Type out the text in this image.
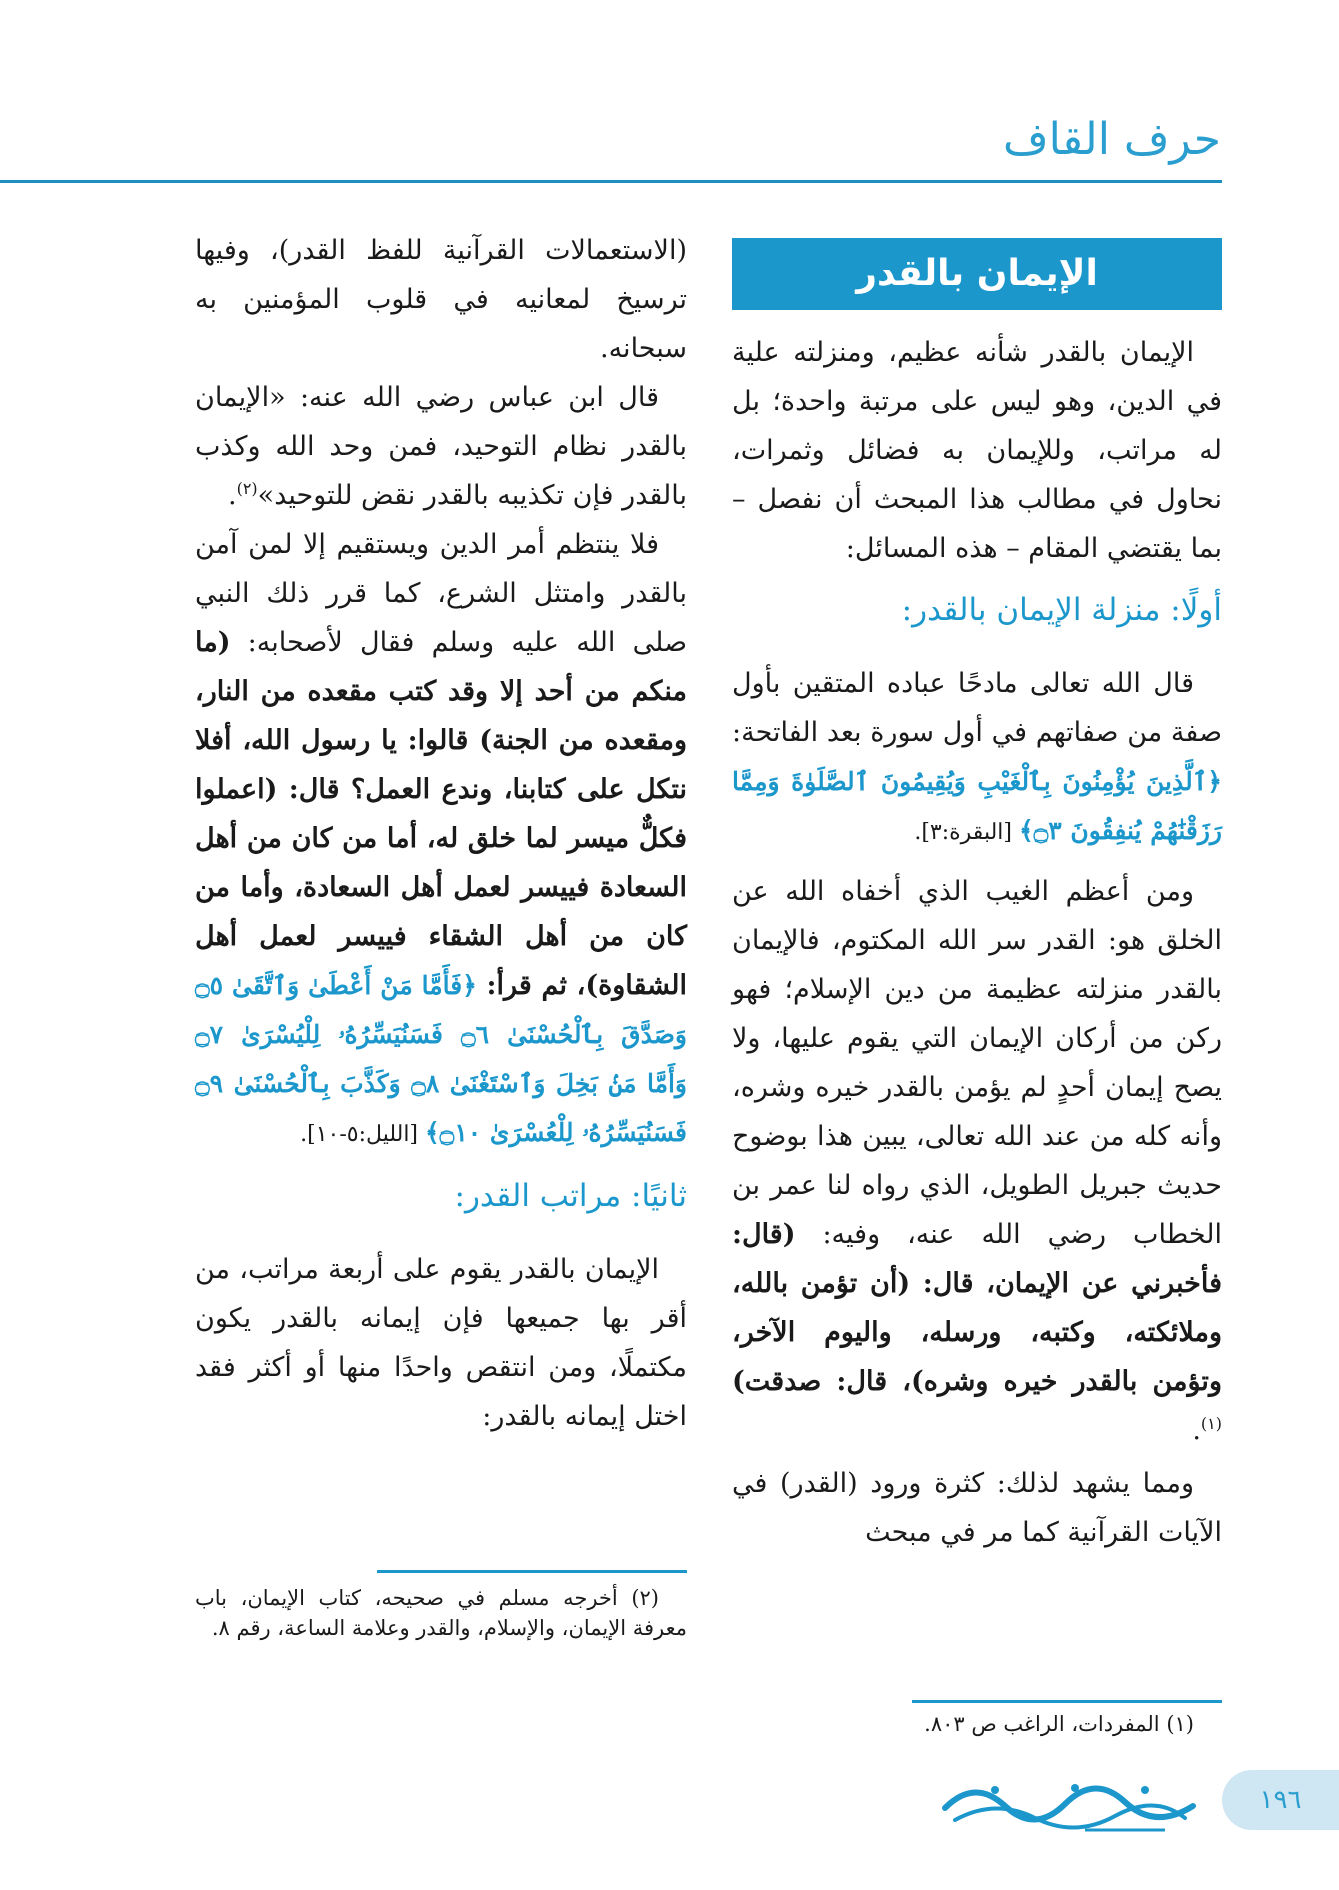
حرف القاف
الإيمان بالقدر

الإيمان بالقدر شأنه عظيم، ومنزلته علية في الدين، وهو ليس على مرتبة واحدة؛ بل له مراتب، وللإيمان به فضائل وثمرات، نحاول في مطالب هذا المبحث أن نفصل – بما يقتضي المقام – هذه المسائل:

أولًا: منزلة الإيمان بالقدر:

قال الله تعالى مادحًا عباده المتقين بأول صفة من صفاتهم في أول سورة بعد الفاتحة: ﴿ٱلَّذِينَ يُؤْمِنُونَ بِٱلْغَيْبِ وَيُقِيمُونَ ٱلصَّلَوٰةَ وَمِمَّا رَزَقْنَٰهُمْ يُنفِقُونَ ۝٣﴾ [البقرة:٣].

ومن أعظم الغيب الذي أخفاه الله عن الخلق هو: القدر سر الله المكتوم، فالإيمان بالقدر منزلته عظيمة من دين الإسلام؛ فهو ركن من أركان الإيمان التي يقوم عليها، ولا يصح إيمان أحدٍ لم يؤمن بالقدر خيره وشره، وأنه كله من عند الله تعالى، يبين هذا بوضوح حديث جبريل الطويل، الذي رواه لنا عمر بن الخطاب رضي الله عنه، وفيه: (قال: فأخبرني عن الإيمان، قال: (أن تؤمن بالله، وملائكته، وكتبه، ورسله، واليوم الآخر، وتؤمن بالقدر خيره وشره)، قال: صدقت)$^{(١)}$.

ومما يشهد لذلك: كثرة ورود (القدر) في الآيات القرآنية كما مر في مبحث

(١) المفردات، الراغب ص ٨٠٣.

(الاستعمالات القرآنية للفظ القدر)، وفيها ترسيخ لمعانيه في قلوب المؤمنين به سبحانه.

قال ابن عباس رضي الله عنه: «الإيمان بالقدر نظام التوحيد، فمن وحد الله وكذب بالقدر فإن تكذيبه بالقدر نقض للتوحيد»$^{(٢)}$.

فلا ينتظم أمر الدين ويستقيم إلا لمن آمن بالقدر وامتثل الشرع، كما قرر ذلك النبي صلى الله عليه وسلم فقال لأصحابه: (ما منكم من أحد إلا وقد كتب مقعده من النار، ومقعده من الجنة) قالوا: يا رسول الله، أفلا نتكل على كتابنا، وندع العمل؟ قال: (اعملوا فكلٌّ ميسر لما خلق له، أما من كان من أهل السعادة فييسر لعمل أهل السعادة، وأما من كان من أهل الشقاء فييسر لعمل أهل الشقاوة)، ثم قرأ: ﴿فَأَمَّا مَنْ أَعْطَىٰ وَٱتَّقَىٰ ۝٥ وَصَدَّقَ بِٱلْحُسْنَىٰ ۝٦ فَسَنُيَسِّرُهُۥ لِلْيُسْرَىٰ ۝٧ وَأَمَّا مَنۢ بَخِلَ وَٱسْتَغْنَىٰ ۝٨ وَكَذَّبَ بِٱلْحُسْنَىٰ ۝٩ فَسَنُيَسِّرُهُۥ لِلْعُسْرَىٰ ۝١٠﴾ [الليل:٥-١٠].

ثانيًا: مراتب القدر:

الإيمان بالقدر يقوم على أربعة مراتب، من أقر بها جميعها فإن إيمانه بالقدر يكون مكتملًا، ومن انتقص واحدًا منها أو أكثر فقد اختل إيمانه بالقدر:

(٢) أخرجه مسلم في صحيحه، كتاب الإيمان، باب معرفة الإيمان، والإسلام، والقدر وعلامة الساعة، رقم ٨.

١٩٦
